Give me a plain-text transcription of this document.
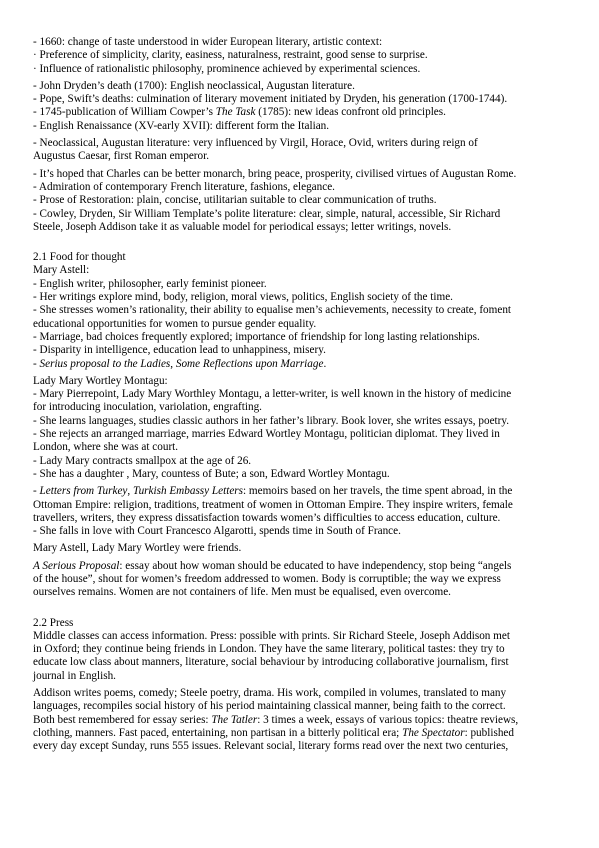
- 1660: change of taste understood in wider European literary, artistic context:
· Preference of simplicity, clarity, easiness, naturalness, restraint, good sense to surprise.
· Influence of rationalistic philosophy, prominence achieved by experimental sciences.
- John Dryden’s death (1700): English neoclassical, Augustan literature.
- Pope, Swift’s deaths: culmination of literary movement initiated by Dryden, his generation (1700-1744).
- 1745-publication of William Cowper’s The Task (1785): new ideas confront old principles.
- English Renaissance (XV-early XVII): different form the Italian.
- Neoclassical, Augustan literature: very influenced by Virgil, Horace, Ovid, writers during reign of
Augustus Caesar, first Roman emperor.
- It’s hoped that Charles can be better monarch, bring peace, prosperity, civilised virtues of Augustan Rome.
- Admiration of contemporary French literature, fashions, elegance.
- Prose of Restoration: plain, concise, utilitarian suitable to clear communication of truths.
- Cowley, Dryden, Sir William Template’s polite literature: clear, simple, natural, accessible, Sir Richard
Steele, Joseph Addison take it as valuable model for periodical essays; letter writings, novels.
2.1 Food for thought
Mary Astell:
- English writer, philosopher, early feminist pioneer.
- Her writings explore mind, body, religion, moral views, politics, English society of the time.
- She stresses women’s rationality, their ability to equalise men’s achievements, necessity to create, foment
educational opportunities for women to pursue gender equality.
- Marriage, bad choices frequently explored; importance of friendship for long lasting relationships.
- Disparity in intelligence, education lead to unhappiness, misery.
- Serius proposal to the Ladies, Some Reflections upon Marriage.
Lady Mary Wortley Montagu:
- Mary Pierrepoint, Lady Mary Worthley Montagu, a letter-writer, is well known in the history of medicine
for introducing inoculation, variolation, engrafting.
- She learns languages, studies classic authors in her father’s library. Book lover, she writes essays, poetry.
- She rejects an arranged marriage, marries Edward Wortley Montagu, politician diplomat. They lived in
London, where she was at court.
- Lady Mary contracts smallpox at the age of 26.
- She has a daughter , Mary, countess of Bute; a son, Edward Wortley Montagu.
- Letters from Turkey, Turkish Embassy Letters: memoirs based on her travels, the time spent abroad, in the
Ottoman Empire: religion, traditions, treatment of women in Ottoman Empire. They inspire writers, female
travellers, writers, they express dissatisfaction towards women’s difficulties to access education, culture.
- She falls in love with Court Francesco Algarotti, spends time in South of France.
Mary Astell, Lady Mary Wortley were friends.
A Serious Proposal: essay about how woman should be educated to have independency, stop being “angels
of the house”, shout for women’s freedom addressed to women. Body is corruptible; the way we express
ourselves remains. Women are not containers of life. Men must be equalised, even overcome.
2.2 Press
Middle classes can access information. Press: possible with prints. Sir Richard Steele, Joseph Addison met
in Oxford; they continue being friends in London. They have the same literary, political tastes: they try to
educate low class about manners, literature, social behaviour by introducing collaborative journalism, first
journal in English.
Addison writes poems, comedy; Steele poetry, drama. His work, compiled in volumes, translated to many
languages, recompiles social history of his period maintaining classical manner, being faith to the correct.
Both best remembered for essay series: The Tatler: 3 times a week, essays of various topics: theatre reviews,
clothing, manners. Fast paced, entertaining, non partisan in a bitterly political era; The Spectator: published
every day except Sunday, runs 555 issues. Relevant social, literary forms read over the next two centuries,
